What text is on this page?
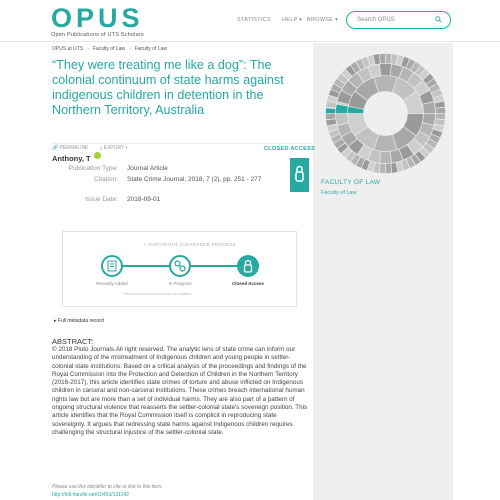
OPUS
Open Publications of UTS Scholars
STATISTICS HELP ▾ BROWSE ▾	Search OPUS
FACULTY OF LAW
Faculty of Law
OPUS at UTS › Faculty of Law › Faculty of Law
“They were treating me like a dog”: The colonial continuum of state harms against indigenous children in detention in the Northern Territory, Australia
🔗 PERMALINK ⤓ EXPORT ▾	CLOSED ACCESS
Publication Type: Journal Article
Citation: State Crime Journal, 2018, 7 (2), pp. 251 - 277
Issue Date: 2018-09-01
⚐ COPYRIGHT CLEARANCE PROCESS
Recently Added	In Progress	Closed Access
This item is closed access and not available.
▸ Full metadata record
ABSTRACT:
© 2018 Pluto Journals.All right reserved. The analytic lens of state crime can inform our understanding of the mistreatment of Indigenous children and young people in settler-colonial state institutions. Based on a critical analysis of the proceedings and findings of the Royal Commission into the Protection and Detention of Children in the Northern Territory (2016-2017), this article identifies state crimes of torture and abuse inflicted on Indigenous children in carceral and non-carceral institutions. These crimes breach international human rights law but are more than a set of individual harms. They are also part of a pattern of ongoing structural violence that reasserts the settler-colonial state's sovereign position. This article identifies that the Royal Commission itself is complicit in reproducing state sovereignty. It argues that redressing state harms against Indigenous children requires challenging the structural injustice of the settler-colonial state.
Please use this identifier to cite or link to this item:
http://hdl.handle.net/10453/131142
Anthony, T
